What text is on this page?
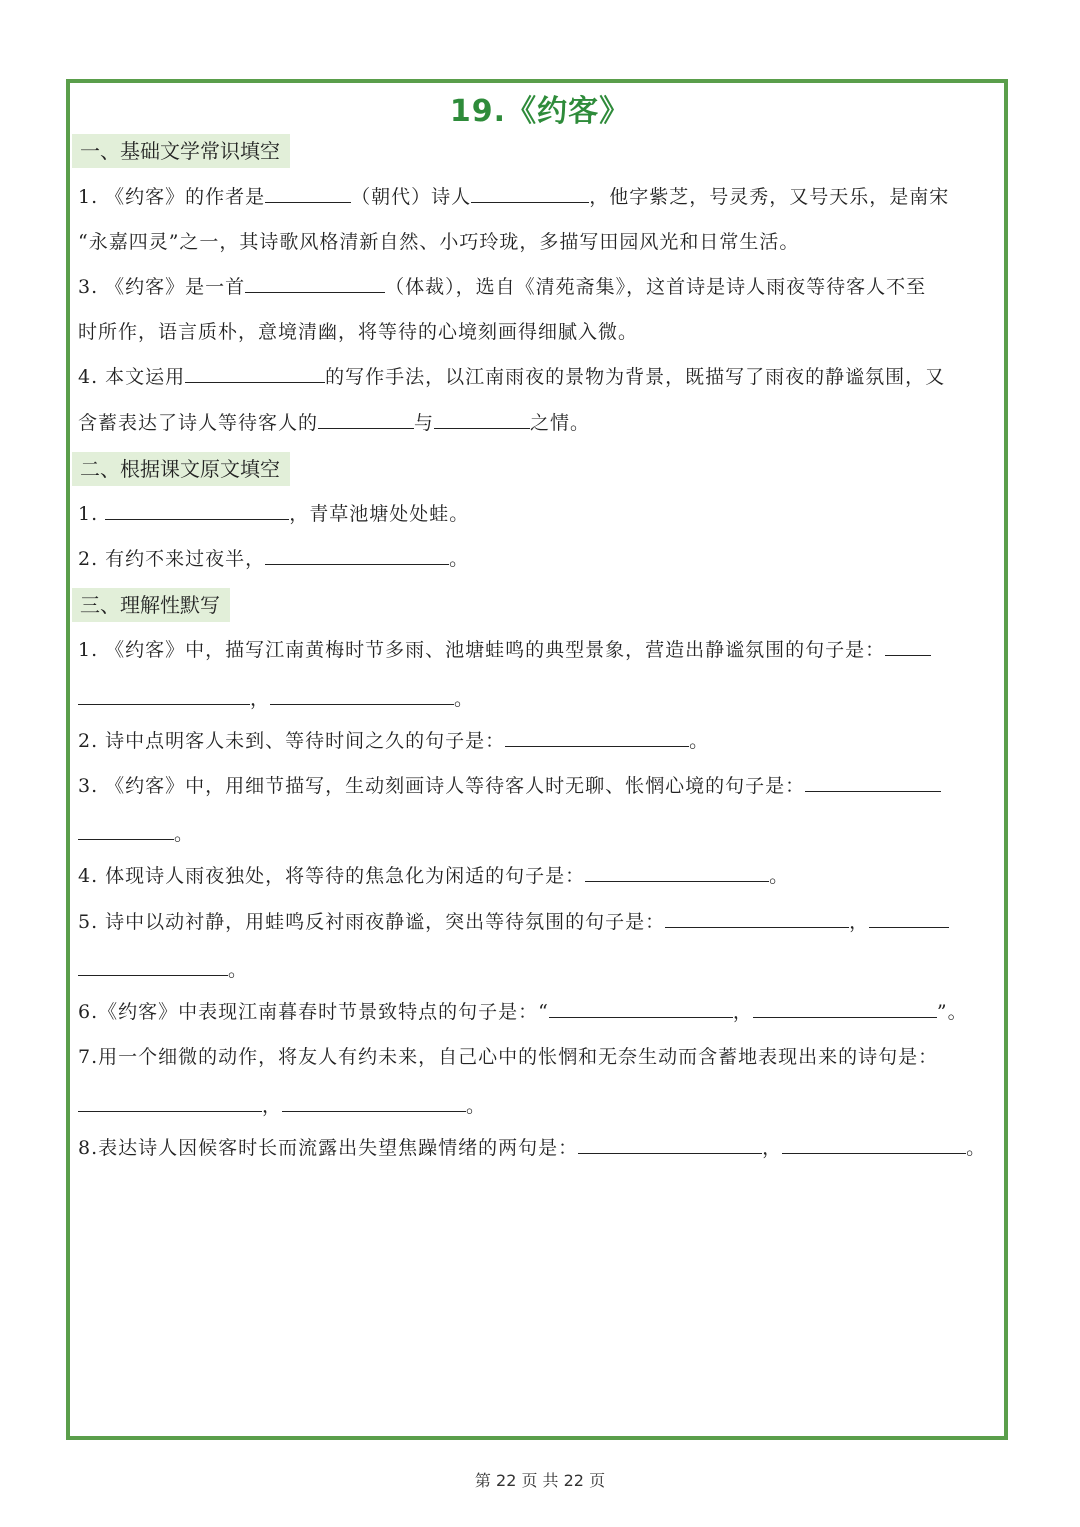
19.《约客》
一、基础文学常识填空
1. 《约客》的作者是	（朝代）诗人	，他字紫芝，号灵秀，又号天乐，是南宋
“永嘉四灵”之一，其诗歌风格清新自然、小巧玲珑，多描写田园风光和日常生活。
3. 《约客》是一首	（体裁），选自《清苑斋集》，这首诗是诗人雨夜等待客人不至
时所作，语言质朴，意境清幽，将等待的心境刻画得细腻入微。
4. 本文运用	的写作手法，以江南雨夜的景物为背景，既描写了雨夜的静谧氛围，又
含蓄表达了诗人等待客人的	与	之情。
二、根据课文原文填空
1.	，青草池塘处处蛙。
2. 有约不来过夜半，	。
三、理解性默写
1. 《约客》中，描写江南黄梅时节多雨、池塘蛙鸣的典型景象，营造出静谧氛围的句子是：
，	。
2. 诗中点明客人未到、等待时间之久的句子是：	。
3. 《约客》中，用细节描写，生动刻画诗人等待客人时无聊、怅惘心境的句子是：
。
4. 体现诗人雨夜独处，将等待的焦急化为闲适的句子是：	。
5. 诗中以动衬静，用蛙鸣反衬雨夜静谧，突出等待氛围的句子是：	，
。
6.《约客》中表现江南暮春时节景致特点的句子是：“	，	”。
7.用一个细微的动作，将友人有约未来，自己心中的怅惘和无奈生动而含蓄地表现出来的诗句是：
，	。
8.表达诗人因候客时长而流露出失望焦躁情绪的两句是：	，	。
第 22 页 共 22 页
